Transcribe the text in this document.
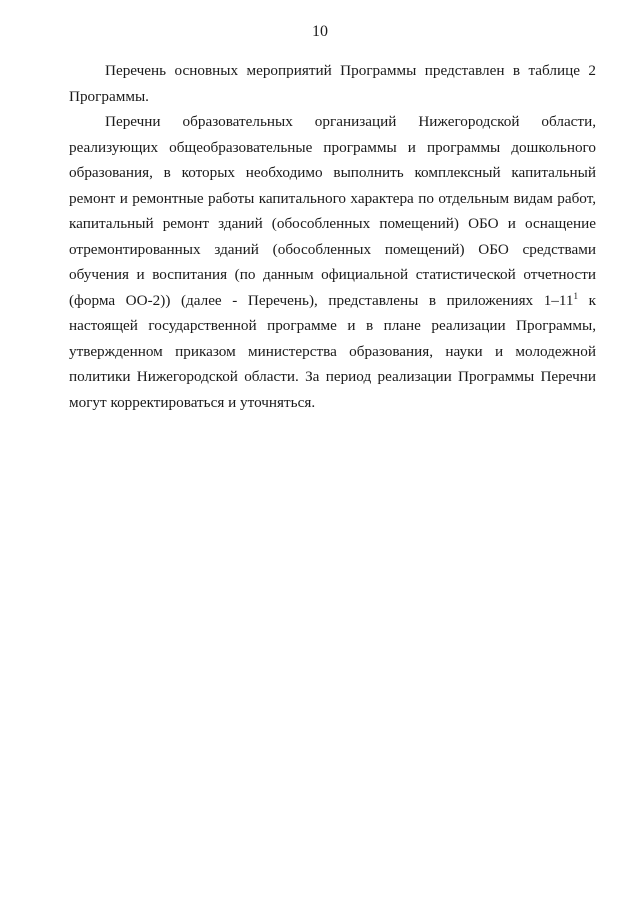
10

Перечень основных мероприятий Программы представлен в таблице 2 Программы.

Перечни образовательных организаций Нижегородской области, реализующих общеобразовательные программы и программы дошкольного образования, в которых необходимо выполнить комплексный капитальный ремонт и ремонтные работы капитального характера по отдельным видам работ, капитальный ремонт зданий (обособленных помещений) ОБО и оснащение отремонтированных зданий (обособленных помещений) ОБО средствами обучения и воспитания (по данным официальной статистической отчетности (форма ОО-2)) (далее - Перечень), представлены в приложениях $1-11^1$ к настоящей государственной программе и в плане реализации Программы, утвержденном приказом министерства образования, науки и молодежной политики Нижегородской области. За период реализации Программы Перечни могут корректироваться и уточняться.
